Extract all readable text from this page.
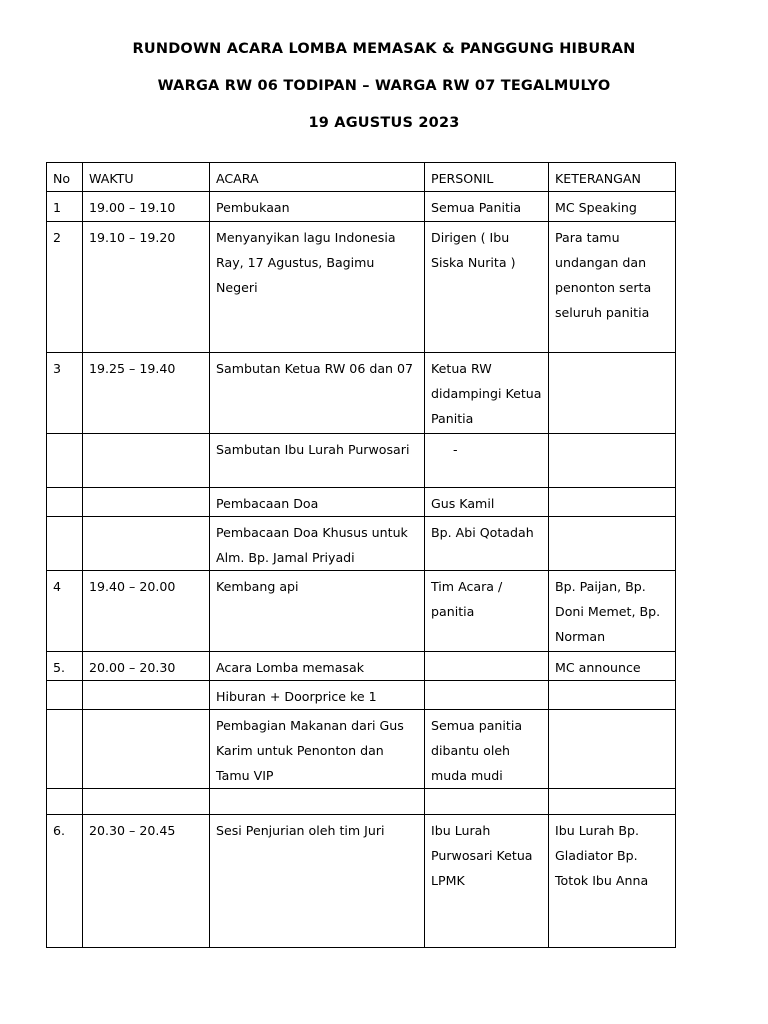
RUNDOWN ACARA LOMBA MEMASAK & PANGGUNG HIBURAN
WARGA RW 06 TODIPAN – WARGA RW 07 TEGALMULYO
19 AGUSTUS 2023
No	WAKTU	ACARA	PERSONIL	KETERANGAN
1	19.00 – 19.10	Pembukaan	Semua Panitia	MC Speaking
2	19.10 – 19.20	Menyanyikan lagu Indonesia Ray, 17 Agustus, Bagimu Negeri	Dirigen ( Ibu Siska Nurita )	Para tamu undangan dan penonton serta seluruh panitia
3	19.25 – 19.40	Sambutan Ketua RW 06 dan 07	Ketua RW didampingi Ketua Panitia	
		Sambutan Ibu Lurah Purwosari	-	
		Pembacaan Doa	Gus Kamil	
		Pembacaan Doa Khusus untuk Alm. Bp. Jamal Priyadi	Bp. Abi Qotadah	
4	19.40 – 20.00	Kembang api	Tim Acara / panitia	Bp. Paijan, Bp. Doni Memet, Bp. Norman
5.	20.00 – 20.30	Acara Lomba memasak		MC announce
		Hiburan + Doorprice ke 1		
		Pembagian Makanan dari Gus Karim untuk Penonton dan Tamu VIP	Semua panitia dibantu oleh muda mudi	

6.	20.30 – 20.45	Sesi Penjurian oleh tim Juri	Ibu Lurah Purwosari Ketua LPMK	Ibu Lurah Bp. Gladiator Bp. Totok Ibu Anna
